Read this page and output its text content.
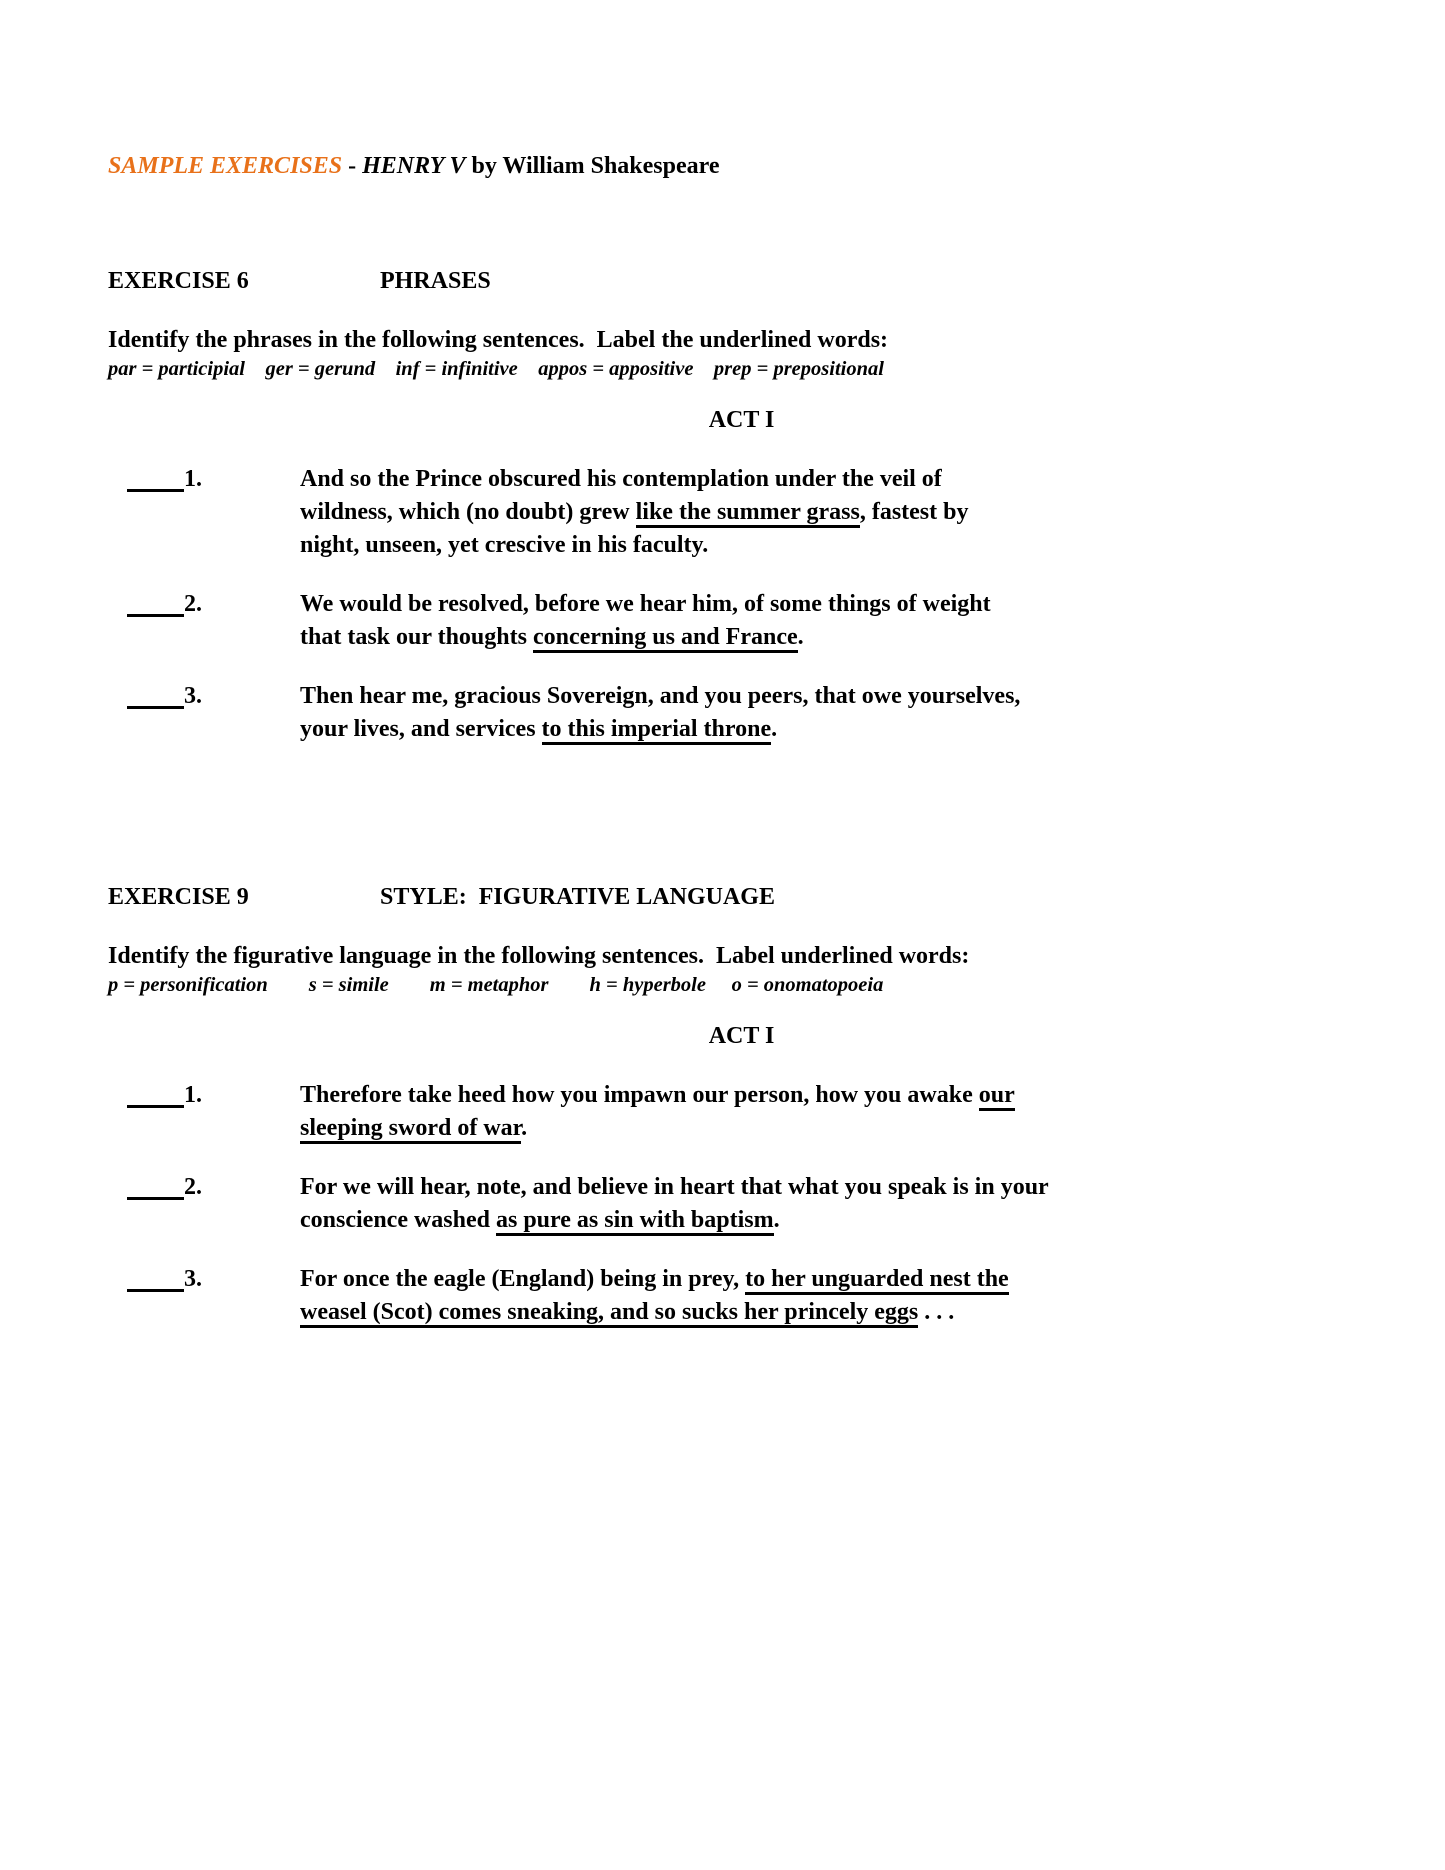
SAMPLE EXERCISES - HENRY V by William Shakespeare
EXERCISE 6	PHRASES

Identify the phrases in the following sentences.  Label the underlined words:

par = participial    ger = gerund    inf = infinitive    appos = appositive    prep = prepositional

ACT I
1.	And so the Prince obscured his contemplation under the veil of
wildness, which (no doubt) grew like the summer grass, fastest by
night, unseen, yet crescive in his faculty.
2.	We would be resolved, before we hear him, of some things of weight
that task our thoughts concerning us and France.
3.	Then hear me, gracious Sovereign, and you peers, that owe yourselves,
your lives, and services to this imperial throne.
EXERCISE 9	STYLE:  FIGURATIVE LANGUAGE

Identify the figurative language in the following sentences.  Label underlined words:

p = personification        s = simile        m = metaphor        h = hyperbole     o = onomatopoeia

ACT I
1.	Therefore take heed how you impawn our person, how you awake our
sleeping sword of war.
2.	For we will hear, note, and believe in heart that what you speak is in your
conscience washed as pure as sin with baptism.
3.	For once the eagle (England) being in prey, to her unguarded nest the
weasel (Scot) comes sneaking, and so sucks her princely eggs . . .
